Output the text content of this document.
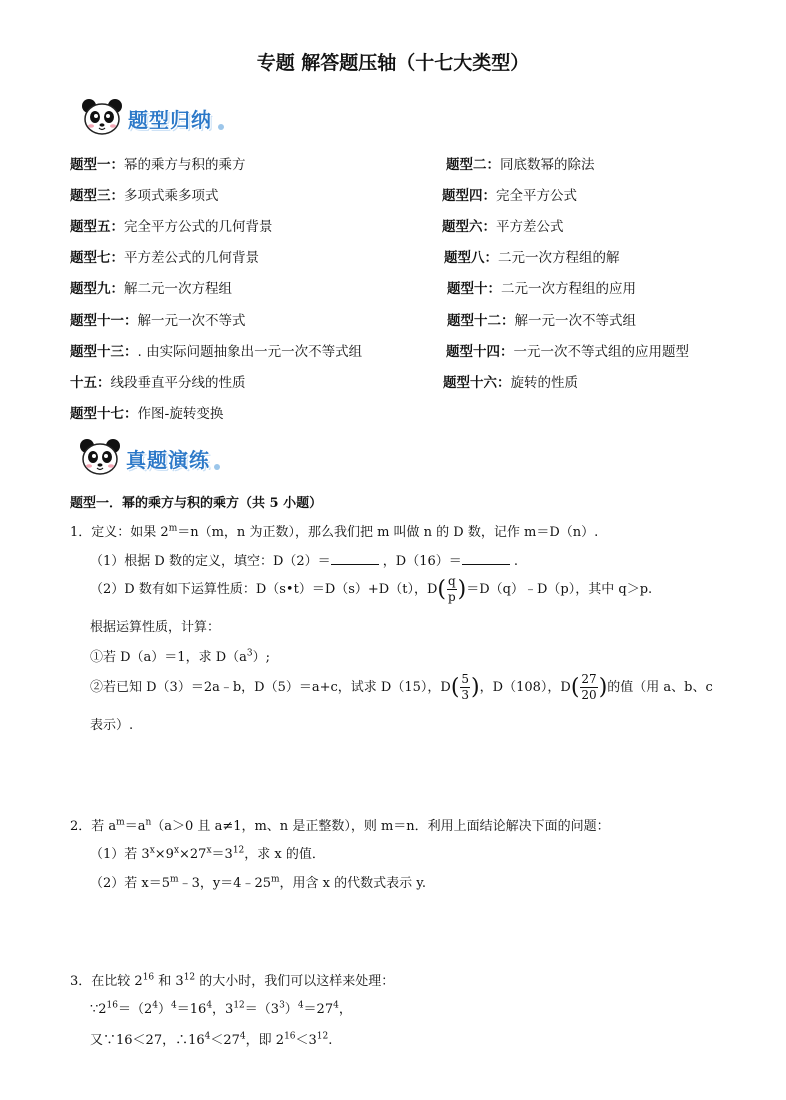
专题 解答题压轴（十七大类型）
题型归纳
题型一：幂的乘方与积的乘方
题型三：多项式乘多项式
题型五：完全平方公式的几何背景
题型七：平方差公式的几何背景
题型九：解二元一次方程组
题型十一：解一元一次不等式
题型十三：. 由实际问题抽象出一元一次不等式组
十五：线段垂直平分线的性质
题型十七：作图-旋转变换
题型二：同底数幂的除法
题型四：完全平方公式
题型六：平方差公式
题型八：二元一次方程组的解
题型十：二元一次方程组的应用
题型十二：解一元一次不等式组
题型十四：一元一次不等式组的应用题型
题型十六：旋转的性质
真题演练
题型一．幂的乘方与积的乘方（共 5 小题）
1．定义：如果 $2^m=n(m$，n 为正数），那么我们把 m 叫做 n 的 D 数，记作 m＝D（n）.
（1）根据 D 数的定义，填空：D（2）＝	，D（16）＝	.
（2）D 数有如下运算性质：D（s•t）＝D（s）+D（t），$D( \frac{q}{p}$ )＝D（q）﹣D（p），其中 q＞p.
根据运算性质，计算：
①若 D（a）＝1，求 $D(a^3)$;
②若已知 D（3）＝2a﹣b，D（5）＝a+c，试求 D（15），$D( \frac{5}{3}$ )，D（108），$D( \frac{27}{20}$ )的值（用 a、b、c
表示）.
2．若 $a^m=a^n(a>0$ 且 a≠1，m、n 是正整数），则 m＝n．利用上面结论解决下面的问题：
（1）若 $3^x\times 9^x\times 27^x=3^{12}$，求 x 的值．
（2）若 $x=5^m﹣3$，$y=4﹣25^m$，用含 x 的代数式表示 y.
3．在比较 $2^{16}$ 和 $3^{12}$ 的大小时，我们可以这样来处理：
$\because 2^{16}=(2^4)^4=16^4$，$3^{12}=(3^3)^4=27^4$，
又∵16＜27，$\therefore 16^4<27^4$，即 $2^{16}<3^{12}$.
